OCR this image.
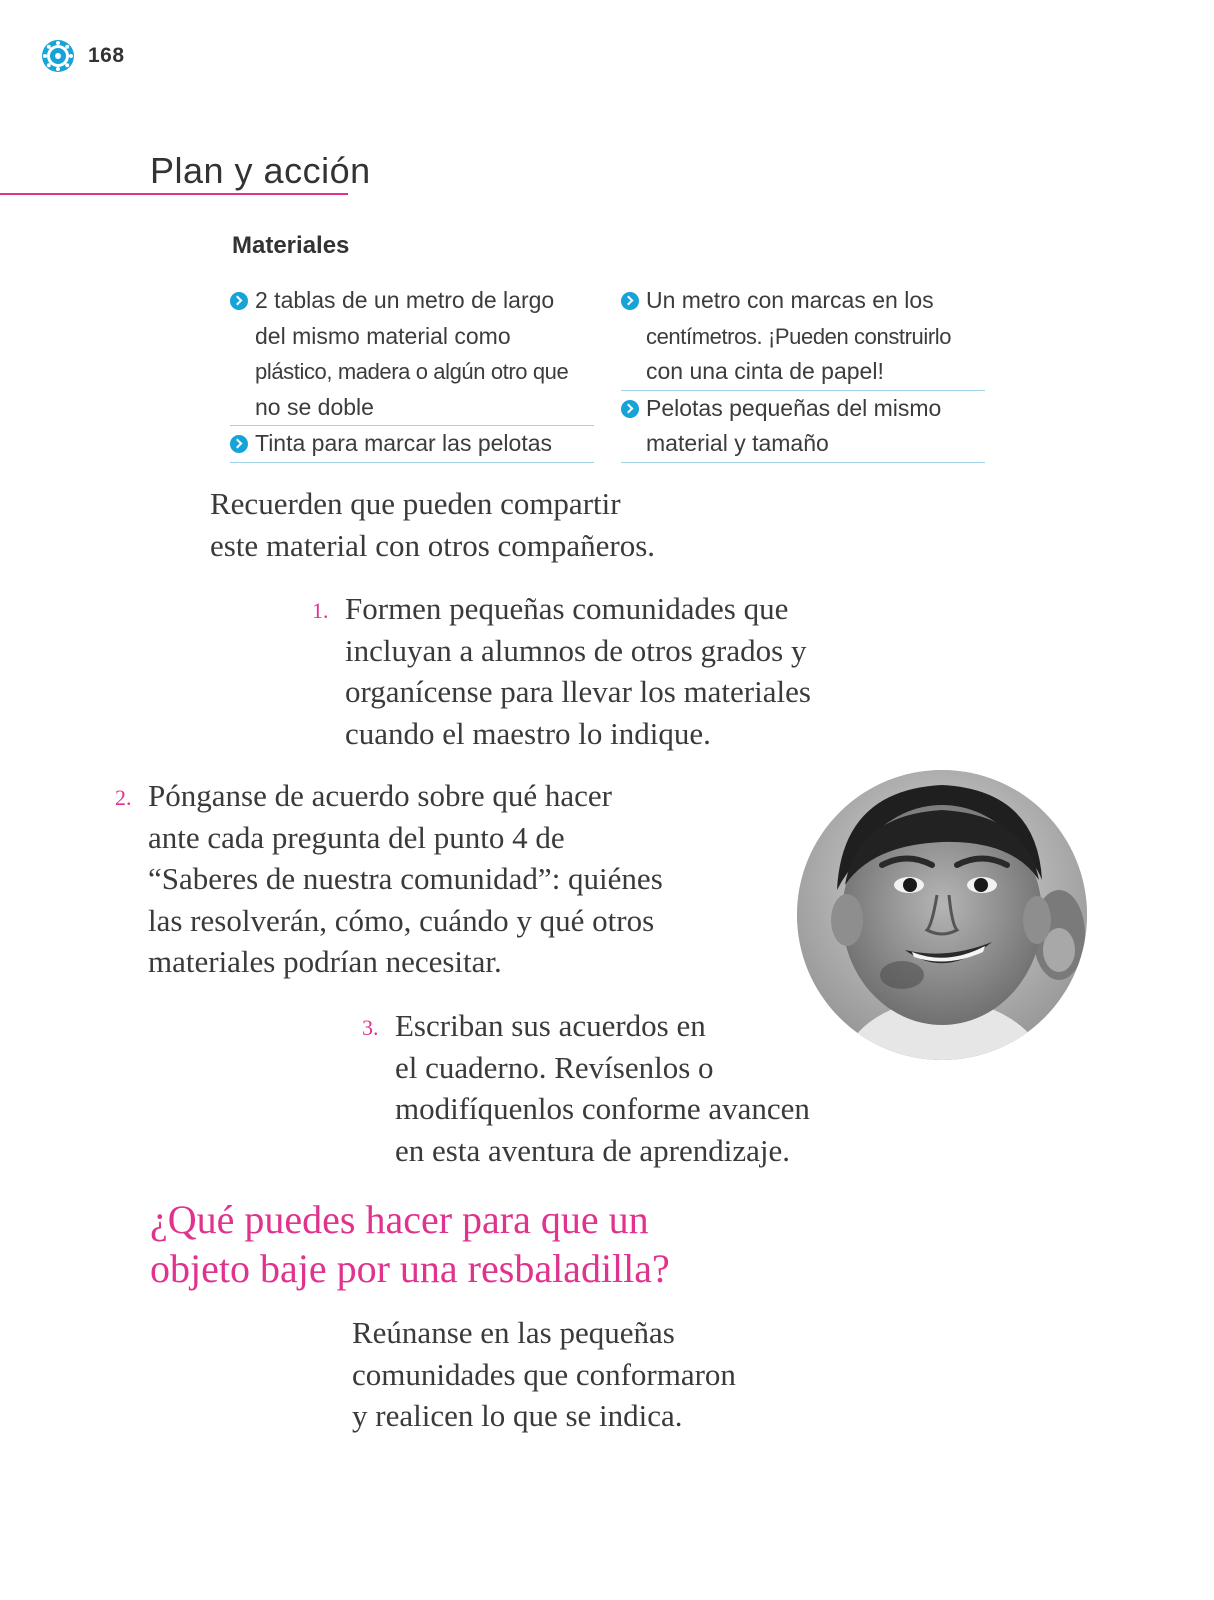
168
Plan y acción
Materiales
2 tablas de un metro de largo
del mismo material como
plástico, madera o algún otro que
no se doble
Tinta para marcar las pelotas
Un metro con marcas en los
centímetros. ¡Pueden construirlo
con una cinta de papel!
Pelotas pequeñas del mismo
material y tamaño
Recuerden que pueden compartir
este material con otros compañeros.
1. Formen pequeñas comunidades que
incluyan a alumnos de otros grados y
organícense para llevar los materiales
cuando el maestro lo indique.
2. Pónganse de acuerdo sobre qué hacer
ante cada pregunta del punto 4 de
“Saberes de nuestra comunidad”: quiénes
las resolverán, cómo, cuándo y qué otros
materiales podrían necesitar.
3. Escriban sus acuerdos en
el cuaderno. Revísenlos o
modifíquenlos conforme avancen
en esta aventura de aprendizaje.
¿Qué puedes hacer para que un
objeto baje por una resbaladilla?
Reúnanse en las pequeñas
comunidades que conformaron
y realicen lo que se indica.
